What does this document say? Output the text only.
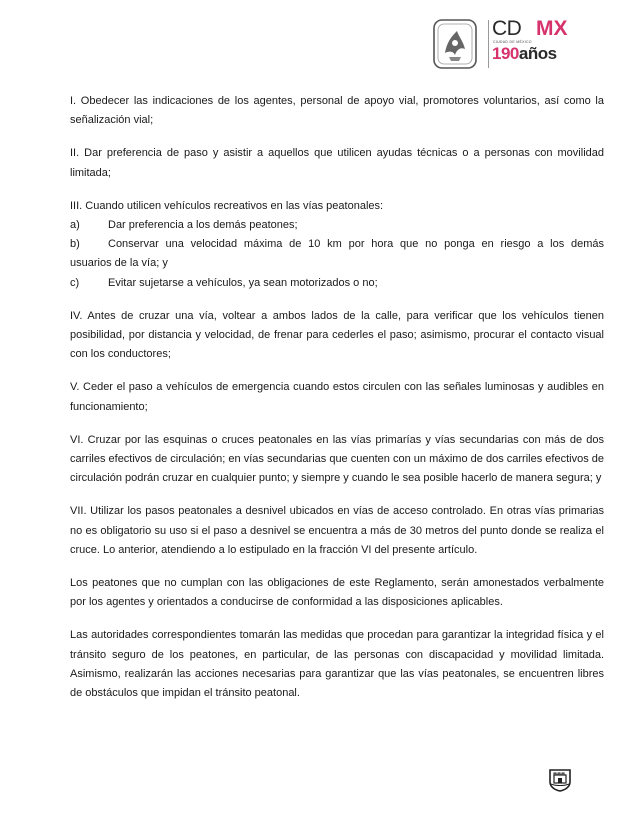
CD MX
CIUDAD DE MÉXICO
190años

I. Obedecer las indicaciones de los agentes, personal de apoyo vial, promotores voluntarios, así como la señalización vial;

II. Dar preferencia de paso y asistir a aquellos que utilicen ayudas técnicas o a personas con movilidad limitada;

III. Cuando utilicen vehículos recreativos en las vías peatonales:
a)	Dar preferencia a los demás peatones;
b)	Conservar una velocidad máxima de 10 km por hora que no ponga en riesgo a los demás
usuarios de la vía; y
c)	Evitar sujetarse a vehículos, ya sean motorizados o no;

IV. Antes de cruzar una vía, voltear a ambos lados de la calle, para verificar que los vehículos tienen posibilidad, por distancia y velocidad, de frenar para cederles el paso; asimismo, procurar el contacto visual con los conductores;

V. Ceder el paso a vehículos de emergencia cuando estos circulen con las señales luminosas y audibles en funcionamiento;

VI. Cruzar por las esquinas o cruces peatonales en las vías primarías y vías secundarias con más de dos carriles efectivos de circulación; en vías secundarias que cuenten con un máximo de dos carriles efectivos de circulación podrán cruzar en cualquier punto; y siempre y cuando le sea posible hacerlo de manera segura; y

VII. Utilizar los pasos peatonales a desnivel ubicados en vías de acceso controlado. En otras vías primarias no es obligatorio su uso si el paso a desnivel se encuentra a más de 30 metros del punto donde se realiza el cruce. Lo anterior, atendiendo a lo estipulado en la fracción VI del presente artículo.

Los peatones que no cumplan con las obligaciones de este Reglamento, serán amonestados verbalmente por los agentes y orientados a conducirse de conformidad a las disposiciones aplicables.

Las autoridades correspondientes tomarán las medidas que procedan para garantizar la integridad física y el tránsito seguro de los peatones, en particular, de las personas con discapacidad y movilidad limitada. Asimismo, realizarán las acciones necesarias para garantizar que las vías peatonales, se encuentren libres de obstáculos que impidan el tránsito peatonal.
